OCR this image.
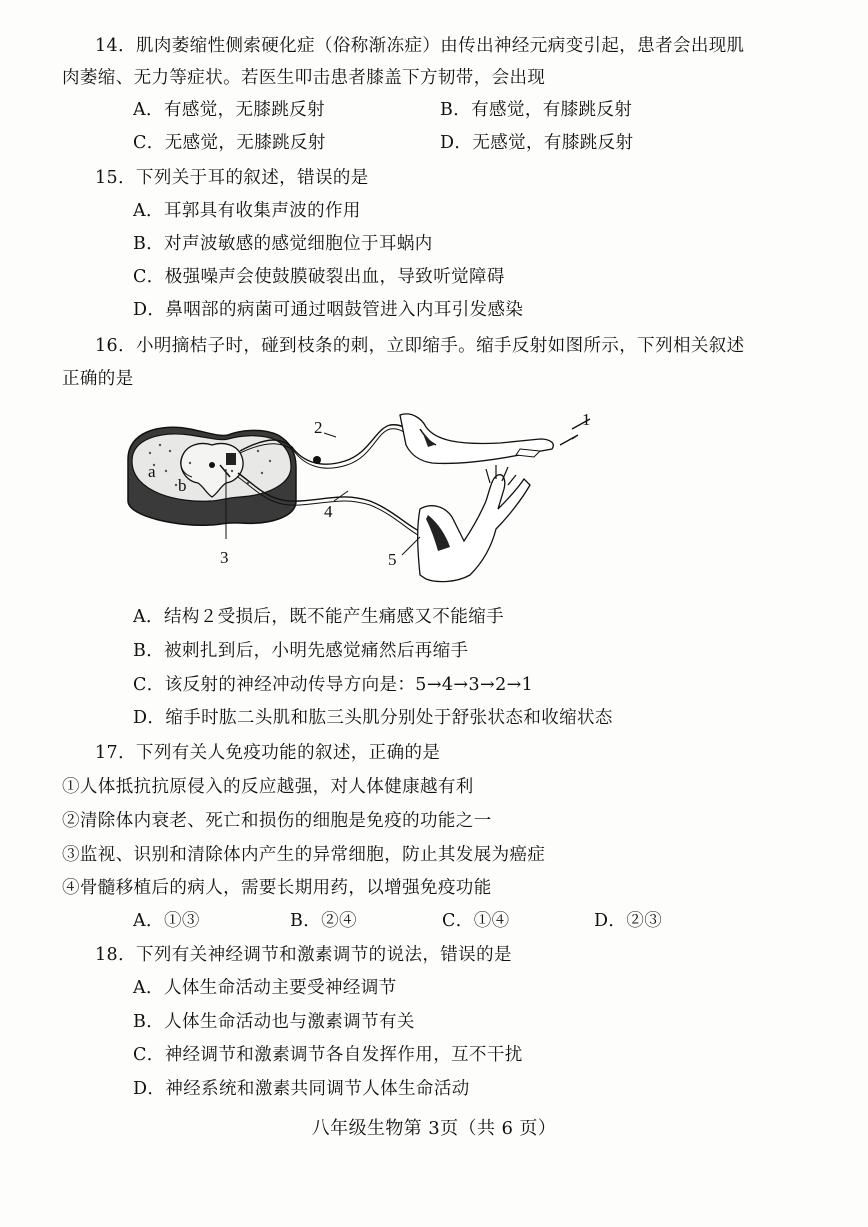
14．肌肉萎缩性侧索硬化症（俗称渐冻症）由传出神经元病变引起，患者会出现肌
肉萎缩、无力等症状。若医生叩击患者膝盖下方韧带，会出现
A．有感觉，无膝跳反射	B．有感觉，有膝跳反射
C．无感觉，无膝跳反射	D．无感觉，有膝跳反射
15．下列关于耳的叙述，错误的是
A．耳郭具有收集声波的作用
B．对声波敏感的感觉细胞位于耳蜗内
C．极强噪声会使鼓膜破裂出血，导致听觉障碍
D．鼻咽部的病菌可通过咽鼓管进入内耳引发感染
16．小明摘桔子时，碰到枝条的刺，立即缩手。缩手反射如图所示，下列相关叙述
正确的是
a
b
3
2
4
1
5
A．结构２受损后，既不能产生痛感又不能缩手
B．被刺扎到后，小明先感觉痛然后再缩手
C．该反射的神经冲动传导方向是：5→4→3→2→1
D．缩手时肱二头肌和肱三头肌分别处于舒张状态和收缩状态
17．下列有关人免疫功能的叙述，正确的是
①人体抵抗抗原侵入的反应越强，对人体健康越有利
②清除体内衰老、死亡和损伤的细胞是免疫的功能之一
③监视、识别和清除体内产生的异常细胞，防止其发展为癌症
④骨髓移植后的病人，需要长期用药，以增强免疫功能
A．①③	B．②④	C．①④	D．②③
18．下列有关神经调节和激素调节的说法，错误的是
A．人体生命活动主要受神经调节
B．人体生命活动也与激素调节有关
C．神经调节和激素调节各自发挥作用，互不干扰
D．神经系统和激素共同调节人体生命活动
八年级生物第 3页（共 6 页）
